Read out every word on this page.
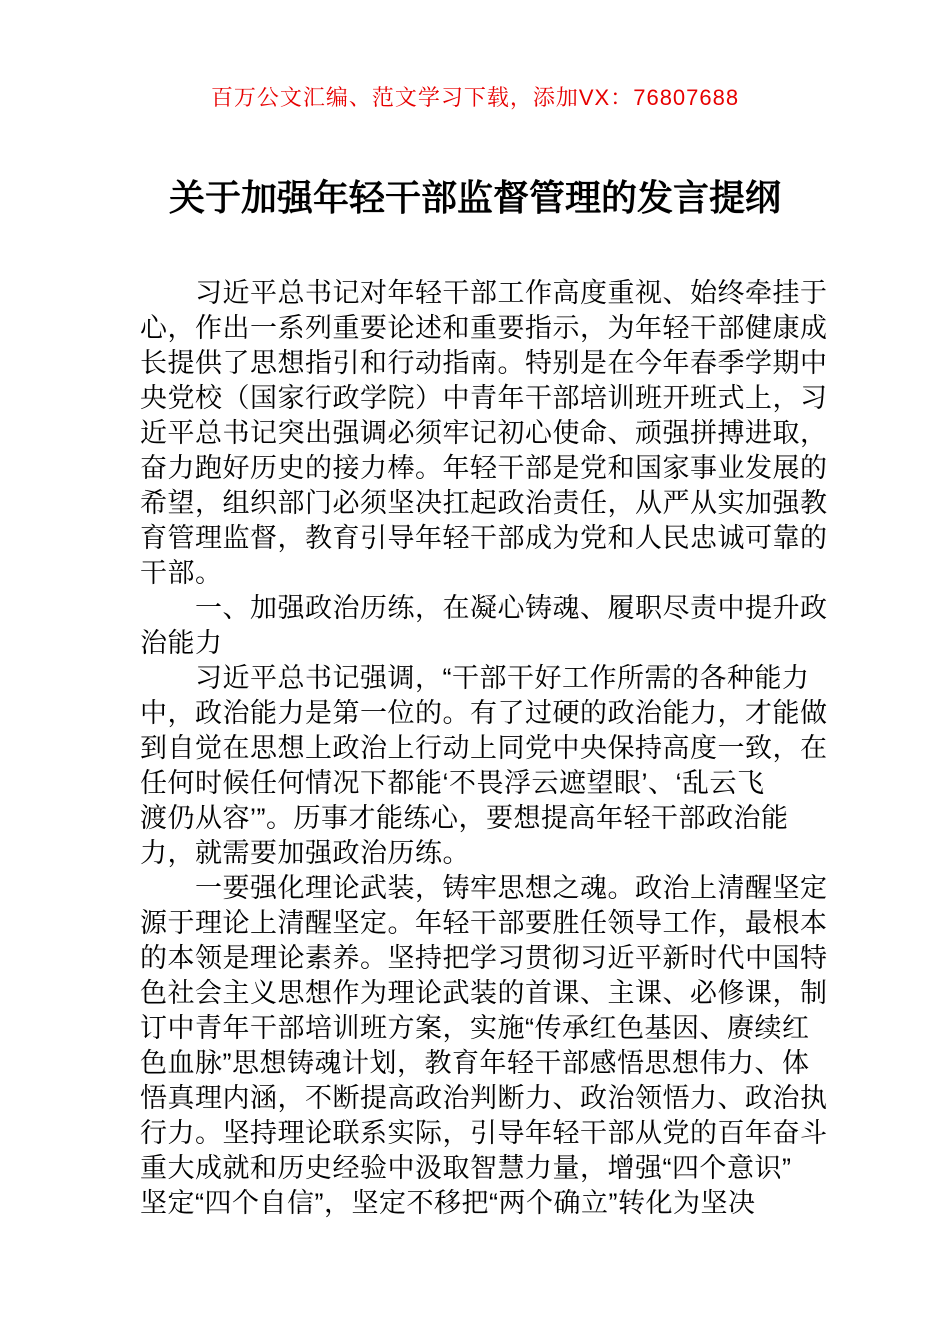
百万公文汇编、范文学习下载，添加VX：76807688
关于加强年轻干部监督管理的发言提纲
习近平总书记对年轻干部工作高度重视、始终牵挂于
心，作出一系列重要论述和重要指示，为年轻干部健康成
长提供了思想指引和行动指南。特别是在今年春季学期中
央党校（国家行政学院）中青年干部培训班开班式上，习
近平总书记突出强调必须牢记初心使命、顽强拼搏进取，
奋力跑好历史的接力棒。年轻干部是党和国家事业发展的
希望，组织部门必须坚决扛起政治责任，从严从实加强教
育管理监督，教育引导年轻干部成为党和人民忠诚可靠的
干部。
一、加强政治历练，在凝心铸魂、履职尽责中提升政
治能力
习近平总书记强调，“干部干好工作所需的各种能力
中，政治能力是第一位的。有了过硬的政治能力，才能做
到自觉在思想上政治上行动上同党中央保持高度一致，在
任何时候任何情况下都能‘不畏浮云遮望眼’、‘乱云飞
渡仍从容’”。历事才能练心，要想提高年轻干部政治能
力，就需要加强政治历练。
一要强化理论武装，铸牢思想之魂。政治上清醒坚定
源于理论上清醒坚定。年轻干部要胜任领导工作，最根本
的本领是理论素养。坚持把学习贯彻习近平新时代中国特
色社会主义思想作为理论武装的首课、主课、必修课，制
订中青年干部培训班方案，实施“传承红色基因、赓续红
色血脉”思想铸魂计划，教育年轻干部感悟思想伟力、体
悟真理内涵，不断提高政治判断力、政治领悟力、政治执
行力。坚持理论联系实际，引导年轻干部从党的百年奋斗
重大成就和历史经验中汲取智慧力量，增强“四个意识”
坚定“四个自信”，坚定不移把“两个确立”转化为坚决
